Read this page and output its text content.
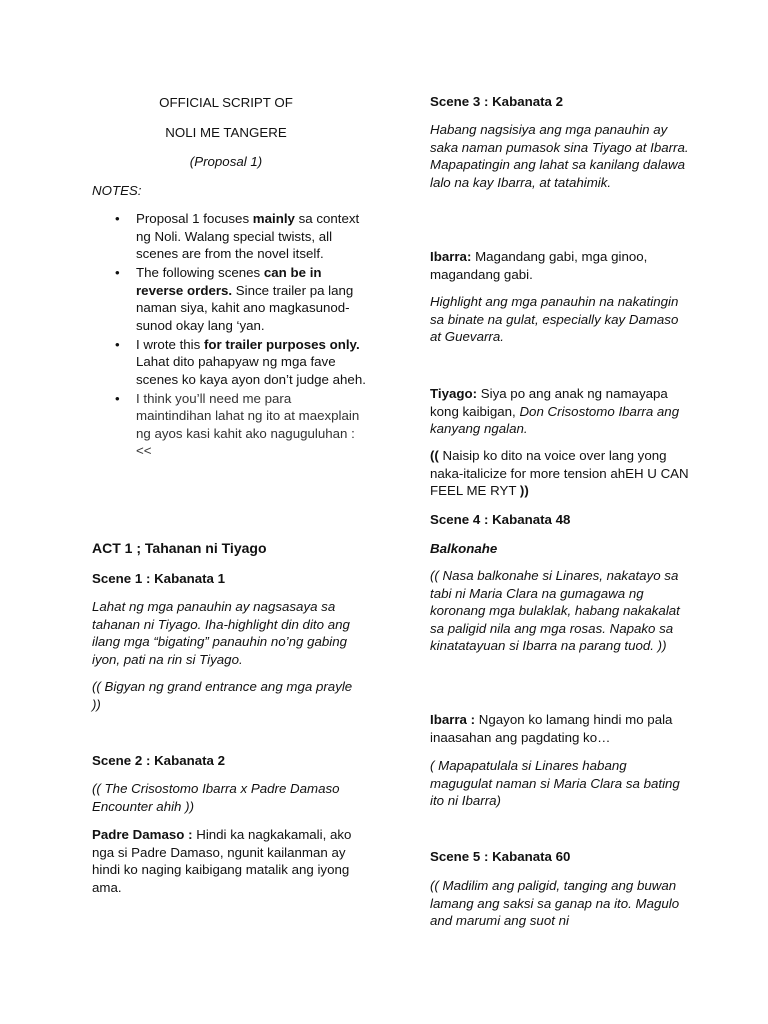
OFFICIAL SCRIPT OF

NOLI ME TANGERE

(Proposal 1)

NOTES:

• Proposal 1 focuses mainly sa context ng Noli. Walang special twists, all scenes are from the novel itself.
• The following scenes can be in reverse orders. Since trailer pa lang naman siya, kahit ano magkasunod-sunod okay lang ‘yan.
• I wrote this for trailer purposes only. Lahat dito pahapyaw ng mga fave scenes ko kaya ayon don’t judge aheh.
• I think you’ll need me para maintindihan lahat ng ito at maexplain ng ayos kasi kahit ako naguguluhan :<<

ACT 1 ; Tahanan ni Tiyago

Scene 1 : Kabanata 1

Lahat ng mga panauhin ay nagsasaya sa tahanan ni Tiyago. Iha-highlight din dito ang ilang mga “bigating” panauhin no’ng gabing iyon, pati na rin si Tiyago.

(( Bigyan ng grand entrance ang mga prayle ))

Scene 2 : Kabanata 2

(( The Crisostomo Ibarra x Padre Damaso Encounter ahih ))

Padre Damaso : Hindi ka nagkakamali, ako nga si Padre Damaso, ngunit kailanman ay hindi ko naging kaibigang matalik ang iyong ama.

Scene 3 : Kabanata 2

Habang nagsisiya ang mga panauhin ay saka naman pumasok sina Tiyago at Ibarra. Mapapatingin ang lahat sa kanilang dalawa lalo na kay Ibarra, at tatahimik.

Ibarra: Magandang gabi, mga ginoo, magandang gabi.

Highlight ang mga panauhin na nakatingin sa binate na gulat, especially kay Damaso at Guevarra.

Tiyago: Siya po ang anak ng namayapa kong kaibigan, Don Crisostomo Ibarra ang kanyang ngalan.

(( Naisip ko dito na voice over lang yong naka-italicize for more tension ahEH U CAN FEEL ME RYT ))

Scene 4 : Kabanata 48

Balkonahe

(( Nasa balkonahe si Linares, nakatayo sa tabi ni Maria Clara na gumagawa ng koronang mga bulaklak, habang nakakalat sa paligid nila ang mga rosas. Napako sa kinatatayuan si Ibarra na parang tuod. ))

Ibarra : Ngayon ko lamang hindi mo pala inaasahan ang pagdating ko…

( Mapapatulala si Linares habang magugulat naman si Maria Clara sa bating ito ni Ibarra)

Scene 5 : Kabanata 60

(( Madilim ang paligid, tanging ang buwan lamang ang saksi sa ganap na ito. Magulo and marumi ang suot ni
